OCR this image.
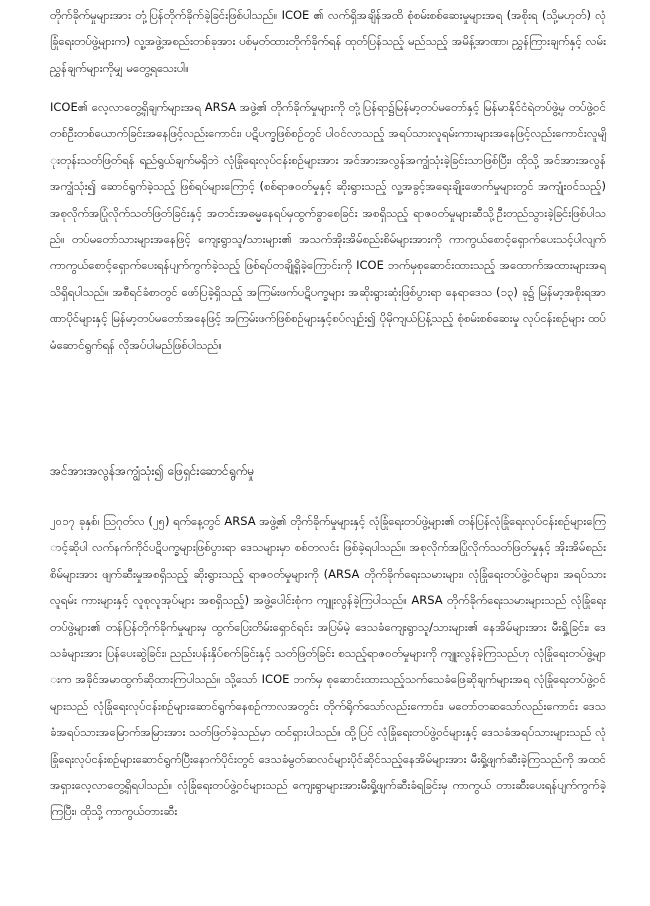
တိုက်ခိုက်မှုများအား တုံ့ပြန်တိုက်ခိုက်ခဲ့ခြင်းဖြစ်ပါသည်။ ICOE ၏ လက်ရှိအချိန်အထိ စုံစမ်းစစ်ဆေးမှုများအရ (အစိုးရ (သို့မဟုတ်) လုံခြုံရေးတပ်ဖွဲ့များက) လူ့အဖွဲ့အစည်းတစ်ခုအား ပစ်မှတ်ထားတိုက်ခိုက်ရန် ထုတ်ပြန်သည့် မည်သည့် အမိန့်အာဏာ၊ ညွှန်ကြားချက်နှင့် လမ်းညွှန်ချက်များကိုမျှ မတွေ့ရသေးပါ။

ICOE၏ လေ့လာတွေ့ရှိချက်များအရ ARSA အဖွဲ့၏ တိုက်ခိုက်မှုများကို တုံ့ပြန်ရာ၌မြန်မာ့တပ်မတော်နှင့် မြန်မာနိုင်ငံရဲတပ်ဖွဲ့မှ တပ်ဖွဲ့ဝင်တစ်ဦးတစ်ယောက်ခြင်းအနေဖြင့်လည်းကောင်း၊ ပဋိပက္ခဖြစ်စဉ်တွင် ပါဝင်လာသည့် အရပ်သားလူရမ်းကားများအနေဖြင့်လည်းကောင်းလူမျိုးတုန်းသတ်ဖြတ်ရန် ရည်ရွယ်ချက်မရှိဘဲ လုံခြုံရေးလုပ်ငန်းစဉ်များအား အင်အားအလွန်အကျွံသုံးခဲ့ခြင်းသာဖြစ်ပြီး၊ ထိုသို့ အင်အားအလွန်အကျွံသုံး၍ ဆောင်ရွက်ခဲ့သည့် ဖြစ်ရပ်များကြောင့် (စစ်ရာဇဝတ်မှုနှင့် ဆိုးရွားသည့် လူ့အခွင့်အရေးချိုးဖောက်မှုများတွင် အကျုံးဝင်သည့်) အစုလိုက်အပြုံလိုက်သတ်ဖြတ်ခြင်းနှင့် အတင်းအဓမ္မနေရပ်မှထွက်ခွာစေခြင်း အစရှိသည့် ရာဇဝတ်မှုများဆီသို့ဦးတည်သွားခဲ့ခြင်းဖြစ်ပါသည်။ တပ်မတော်သားများအနေဖြင့် ကျေးရွာသူ/သားများ၏ အသက်အိုးအိမ်စည်းစိမ်များအားကို ကာကွယ်စောင့်ရှောက်ပေးသင့်ပါလျက် ကာကွယ်စောင့်ရှောက်ပေးရန်ပျက်ကွက်ခဲ့သည့် ဖြစ်ရပ်တချို့ရှိခဲ့ကြောင်းကို ICOE ဘက်မှစုဆောင်းထားသည့် အထောက်အထားများအရ သိရှိရပါသည်။ အစီရင်ခံစာတွင် ဖော်ပြခဲ့ရှိသည့် အကြမ်းဖက်ပဋိပက္ခများ အဆိုးရွားဆုံးဖြစ်ပွားရာ နေရာဒေသ (၁၃) ခု၌ မြန်မာ့အစိုးရအာဏာပိုင်များနှင့် မြန်မာ့တပ်မတော်အနေဖြင့် အကြမ်းဖက်ဖြစ်စဉ်များနှင့်စပ်လျဉ်း၍ ပိုမိုကျယ်ပြန့်သည့် စုံစမ်းစစ်ဆေးမှု လုပ်ငန်းစဉ်များ ထပ်မံဆောင်ရွက်ရန် လိုအပ်ပါမည်ဖြစ်ပါသည်။

အင်အားအလွန်အကျွံသုံး၍ ဖြေရှင်းဆောင်ရွက်မှု

၂၀၁၇ ခုနှစ်၊ ဩဂုတ်လ (၂၅) ရက်နေ့တွင် ARSA အဖွဲ့၏ တိုက်ခိုက်မှုများနှင့် လုံခြုံရေးတပ်ဖွဲ့များ၏ တန်ပြန်လုံခြုံရေးလုပ်ငန်းစဉ်များကြောင့်ဆိုပါ လက်နက်ကိုင်ပဋိပက္ခများဖြစ်ပွားရာ ဒေသများမှာ စစ်တလင်း ဖြစ်ခဲ့ရပါသည်။ အစုလိုက်အပြုံလိုက်သတ်ဖြတ်မှုနှင့် အိုးအိမ်စည်းစိမ်များအား ဖျက်ဆီးမှုအစရှိသည့် ဆိုးရွားသည့် ရာဇဝတ်မှုများကို (ARSA တိုက်ခိုက်ရေးသမားများ၊ လုံခြုံရေးတပ်ဖွဲ့ဝင်များ၊ အရပ်သားလူရမ်း ကားများနှင့် လူစုလူအုပ်များ အစရှိသည့်) အဖွဲ့ပေါင်းစုံက ကျူးလွန်ခဲ့ကြပါသည်။ ARSA တိုက်ခိုက်ရေးသမားများသည် လုံခြုံရေးတပ်ဖွဲ့များ၏ တန်ပြန်တိုက်ခိုက်မှုများမှ ထွက်ပြေးတိမ်းရှောင်ရင်း အပြမ်မဲ့ ဒေသခံကျေးရွာသူ/သားများ၏ နေအိမ်များအား မီးရှို့ခြင်း၊ ဒေသခံများအား ပြန်ပေးဆွဲခြင်း၊ ညည်းပန်းနှိပ်စက်ခြင်းနှင့် သတ်ဖြတ်ခြင်း စသည့်ရာဇဝတ်မှုများကို ကျူးလွန်ခဲ့ကြသည်ဟု လုံခြုံရေးတပ်ဖွဲ့များက အခိုင်အမာထွက်ဆိုထားကြပါသည်။ သို့သော် ICOE ဘက်မှ စုဆောင်းထားသည့်သက်သေခံဖြေဆိုချက်များအရ လုံခြုံရေးတပ်ဖွဲ့ဝင်များသည် လုံခြုံရေးလုပ်ငန်းစဉ်များဆောင်ရွက်နေစဉ်ကာလအတွင်း တိုက်ရိုက်သော်လည်းကောင်း၊ မတော်တဆသော်လည်းကောင်း ဒေသခံအရပ်သားအမြောက်အမြားအား သတ်ဖြတ်ခဲ့သည်မှာ ထင်ရှားပါသည်။ ထို့ပြင် လုံခြုံရေးတပ်ဖွဲ့ဝင်များနှင့် ဒေသခံအရပ်သားများသည် လုံခြုံရေးလုပ်ငန်းစဉ်များဆောင်ရွက်ပြီးနောက်ပိုင်းတွင် ဒေသခံမွတ်ဆလင်များပိုင်ဆိုင်သည့်နေအိမ်များအား မီးရှို့ဖျက်ဆီးခဲ့ကြသည်ကို အထင်အရှားလေ့လာတွေ့ရှိရပါသည်။ လုံခြုံရေးတပ်ဖွဲ့ဝင်များသည် ကျေးရွာများအားမီးရှို့ဖျက်ဆီးခံရခြင်းမှ ကာကွယ် တားဆီးပေးရန်ပျက်ကွက်ခဲ့ကြပြီး၊ ထိုသို့ ကာကွယ်တားဆီး
